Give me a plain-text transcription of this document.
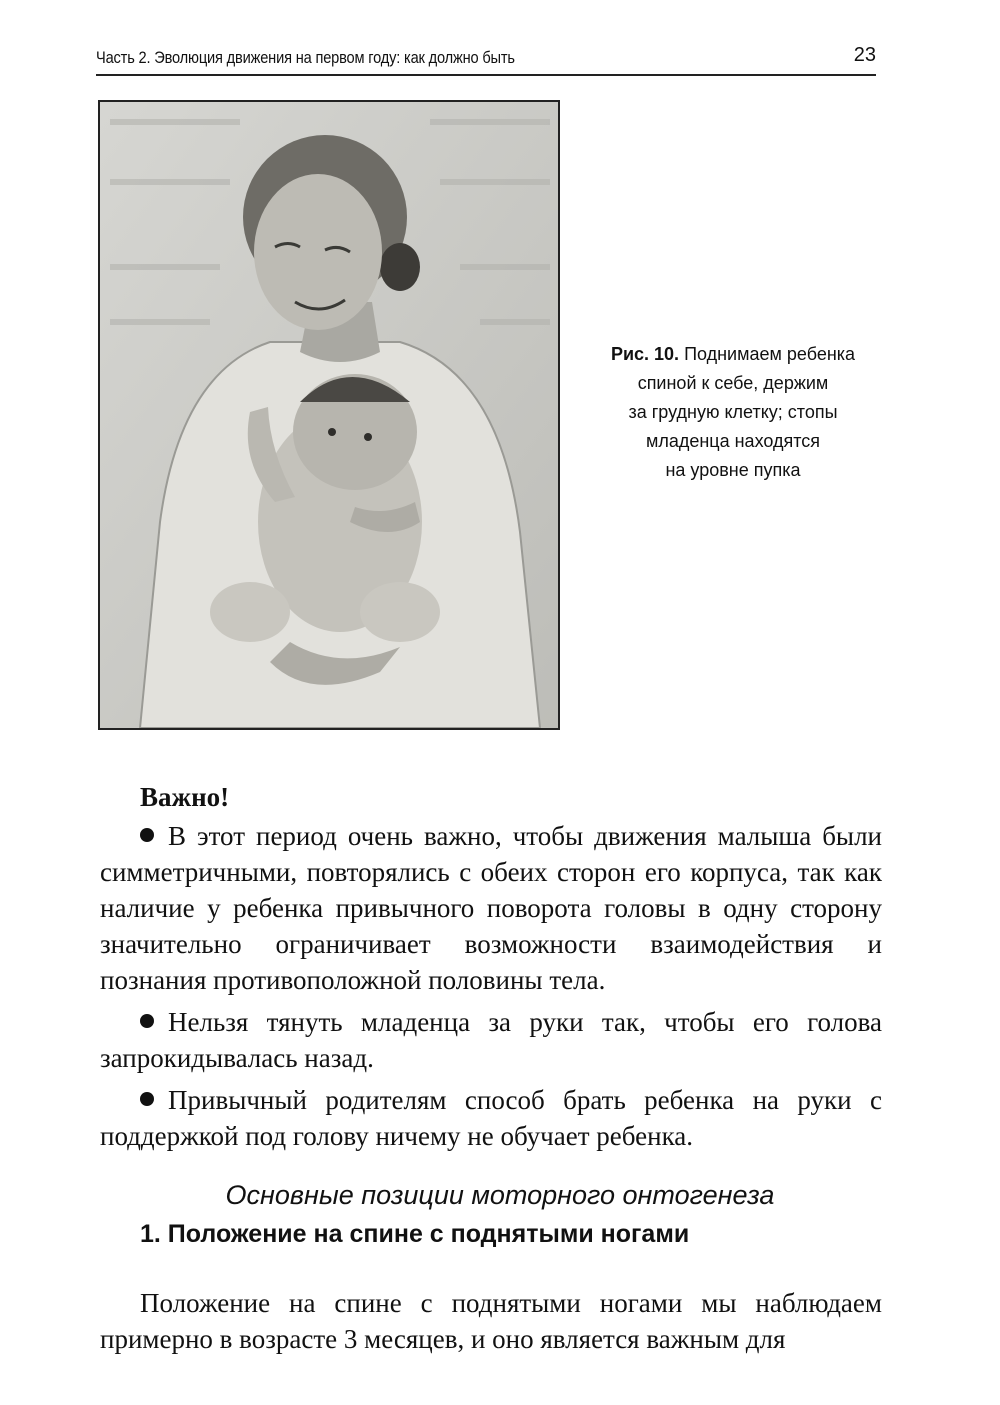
Часть 2. Эволюция движения на первом году: как должно быть	23
Рис. 10. Поднимаем ребенка
спиной к себе, держим
за грудную клетку; стопы
младенца находятся
на уровне пупка
Важно!

В этот период очень важно, чтобы движения малыша были симметричными, повторялись с обеих сторон его корпуса, так как наличие у ребенка привычного поворота головы в одну сторону значительно ограничивает возможности взаимодействия и познания противоположной половины тела.

Нельзя тянуть младенца за руки так, чтобы его голова запрокидывалась назад.

Привычный родителям способ брать ребенка на руки с поддержкой под голову ничему не обучает ребенка.

Основные позиции моторного онтогенеза
1. Положение на спине с поднятыми ногами

Положение на спине с поднятыми ногами мы наблюдаем примерно в возрасте 3 месяцев, и оно является важным для
